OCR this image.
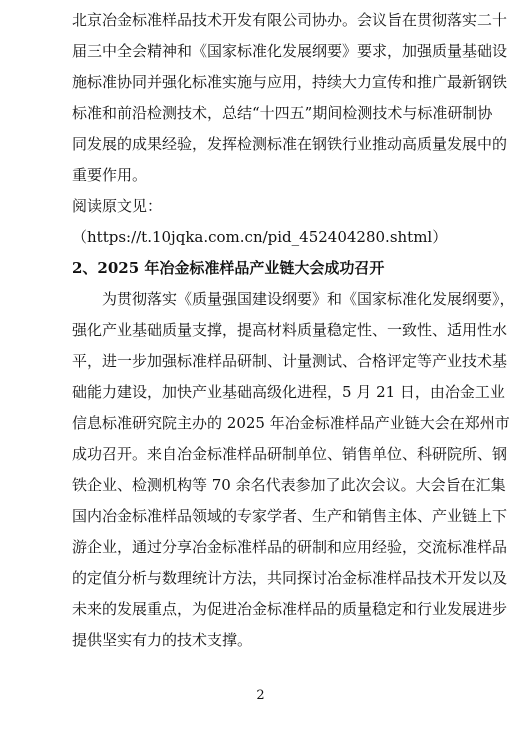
北京冶金标准样品技术开发有限公司协办。会议旨在贯彻落实二十
届三中全会精神和《国家标准化发展纲要》要求，加强质量基础设
施标准协同并强化标准实施与应用，持续大力宣传和推广最新钢铁
标准和前沿检测技术，总结“十四五”期间检测技术与标准研制协
同发展的成果经验，发挥检测标准在钢铁行业推动高质量发展中的
重要作用。
阅读原文见：
（https://t.10jqka.com.cn/pid_452404280.shtml）
2、2025 年冶金标准样品产业链大会成功召开
为贯彻落实《质量强国建设纲要》和《国家标准化发展纲要》，
强化产业基础质量支撑，提高材料质量稳定性、一致性、适用性水
平，进一步加强标准样品研制、计量测试、合格评定等产业技术基
础能力建设，加快产业基础高级化进程，5 月 21 日，由冶金工业
信息标准研究院主办的 2025 年冶金标准样品产业链大会在郑州市
成功召开。来自冶金标准样品研制单位、销售单位、科研院所、钢
铁企业、检测机构等 70 余名代表参加了此次会议。大会旨在汇集
国内冶金标准样品领域的专家学者、生产和销售主体、产业链上下
游企业，通过分享冶金标准样品的研制和应用经验，交流标准样品
的定值分析与数理统计方法，共同探讨冶金标准样品技术开发以及
未来的发展重点，为促进冶金标准样品的质量稳定和行业发展进步
提供坚实有力的技术支撑。
2
